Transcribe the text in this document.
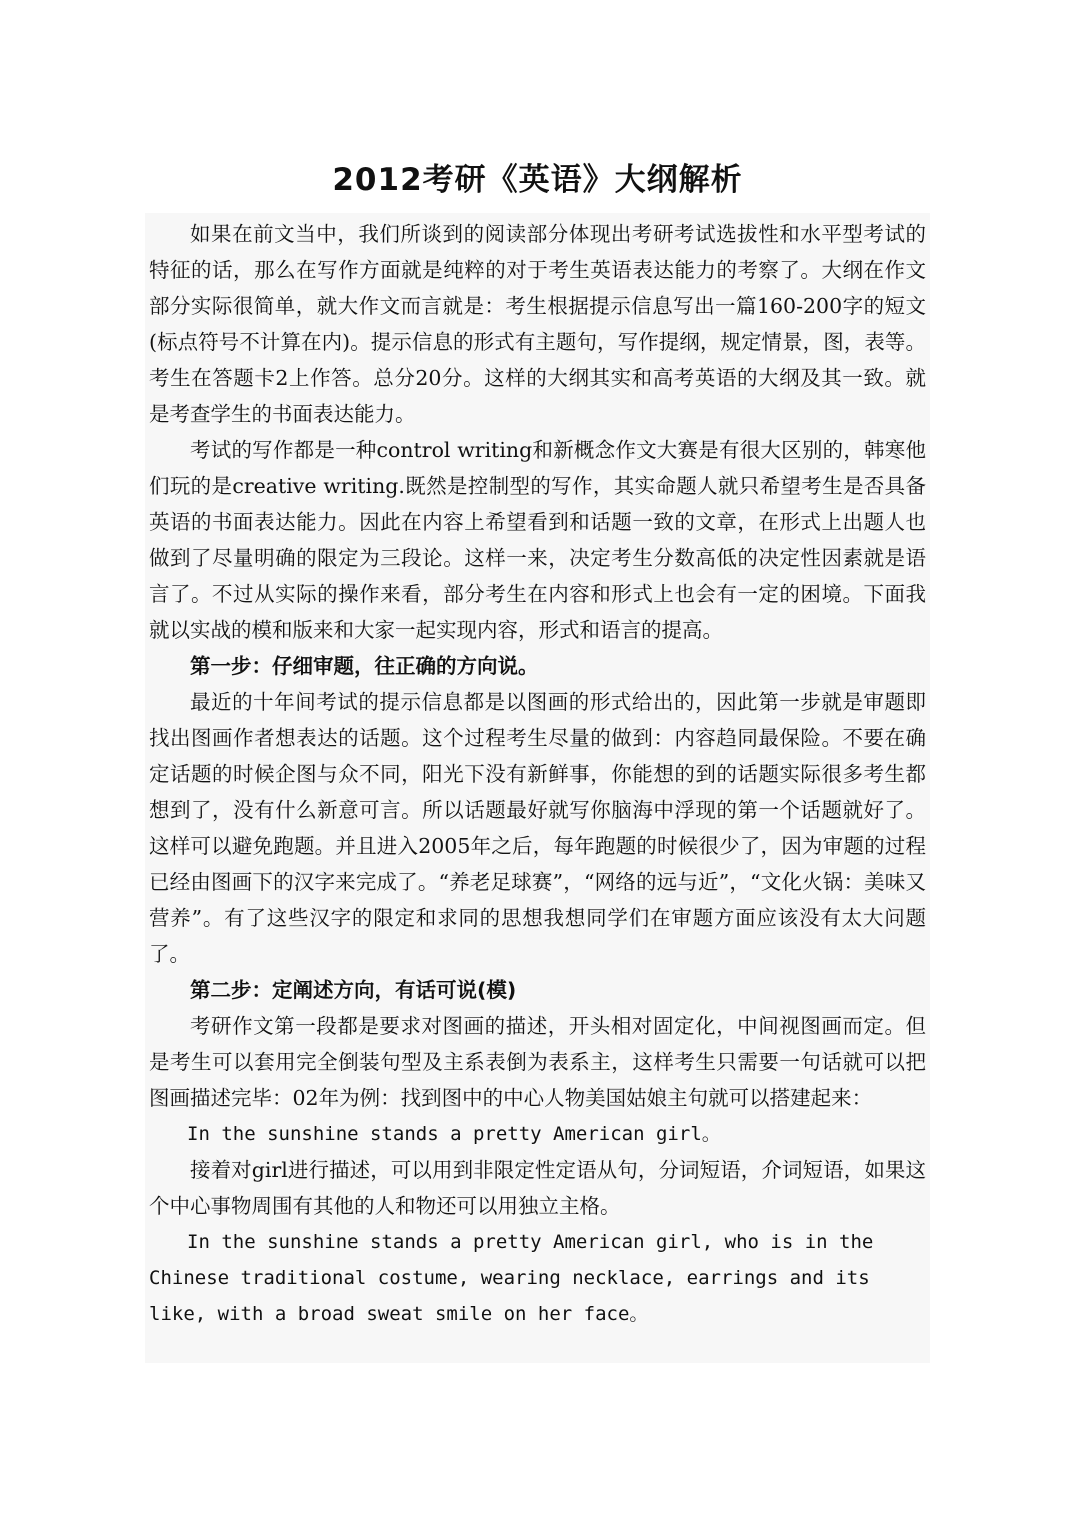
2012考研《英语》大纲解析

如果在前文当中，我们所谈到的阅读部分体现出考研考试选拔性和水平型考试的特征的话，那么在写作方面就是纯粹的对于考生英语表达能力的考察了。大纲在作文部分实际很简单，就大作文而言就是：考生根据提示信息写出一篇160-200字的短文(标点符号不计算在内)。提示信息的形式有主题句，写作提纲，规定情景，图，表等。考生在答题卡2上作答。总分20分。这样的大纲其实和高考英语的大纲及其一致。就是考查学生的书面表达能力。

考试的写作都是一种control writing和新概念作文大赛是有很大区别的，韩寒他们玩的是creative writing.既然是控制型的写作，其实命题人就只希望考生是否具备英语的书面表达能力。因此在内容上希望看到和话题一致的文章，在形式上出题人也做到了尽量明确的限定为三段论。这样一来，决定考生分数高低的决定性因素就是语言了。不过从实际的操作来看，部分考生在内容和形式上也会有一定的困境。下面我就以实战的模和版来和大家一起实现内容，形式和语言的提高。

第一步：仔细审题，往正确的方向说。

最近的十年间考试的提示信息都是以图画的形式给出的，因此第一步就是审题即找出图画作者想表达的话题。这个过程考生尽量的做到：内容趋同最保险。不要在确定话题的时候企图与众不同，阳光下没有新鲜事，你能想的到的话题实际很多考生都想到了，没有什么新意可言。所以话题最好就写你脑海中浮现的第一个话题就好了。这样可以避免跑题。并且进入2005年之后，每年跑题的时候很少了，因为审题的过程已经由图画下的汉字来完成了。“养老足球赛”，“网络的远与近”，“文化火锅：美味又营养”。有了这些汉字的限定和求同的思想我想同学们在审题方面应该没有太大问题了。

第二步：定阐述方向，有话可说(模)

考研作文第一段都是要求对图画的描述，开头相对固定化，中间视图画而定。但是考生可以套用完全倒装句型及主系表倒为表系主，这样考生只需要一句话就可以把图画描述完毕：02年为例：找到图中的中心人物美国姑娘主句就可以搭建起来：

In the sunshine stands a pretty American girl。

接着对girl进行描述，可以用到非限定性定语从句，分词短语，介词短语，如果这个中心事物周围有其他的人和物还可以用独立主格。

In the sunshine stands a pretty American girl, who is in the Chinese traditional costume, wearing necklace, earrings and its like, with a broad sweat smile on her face。
